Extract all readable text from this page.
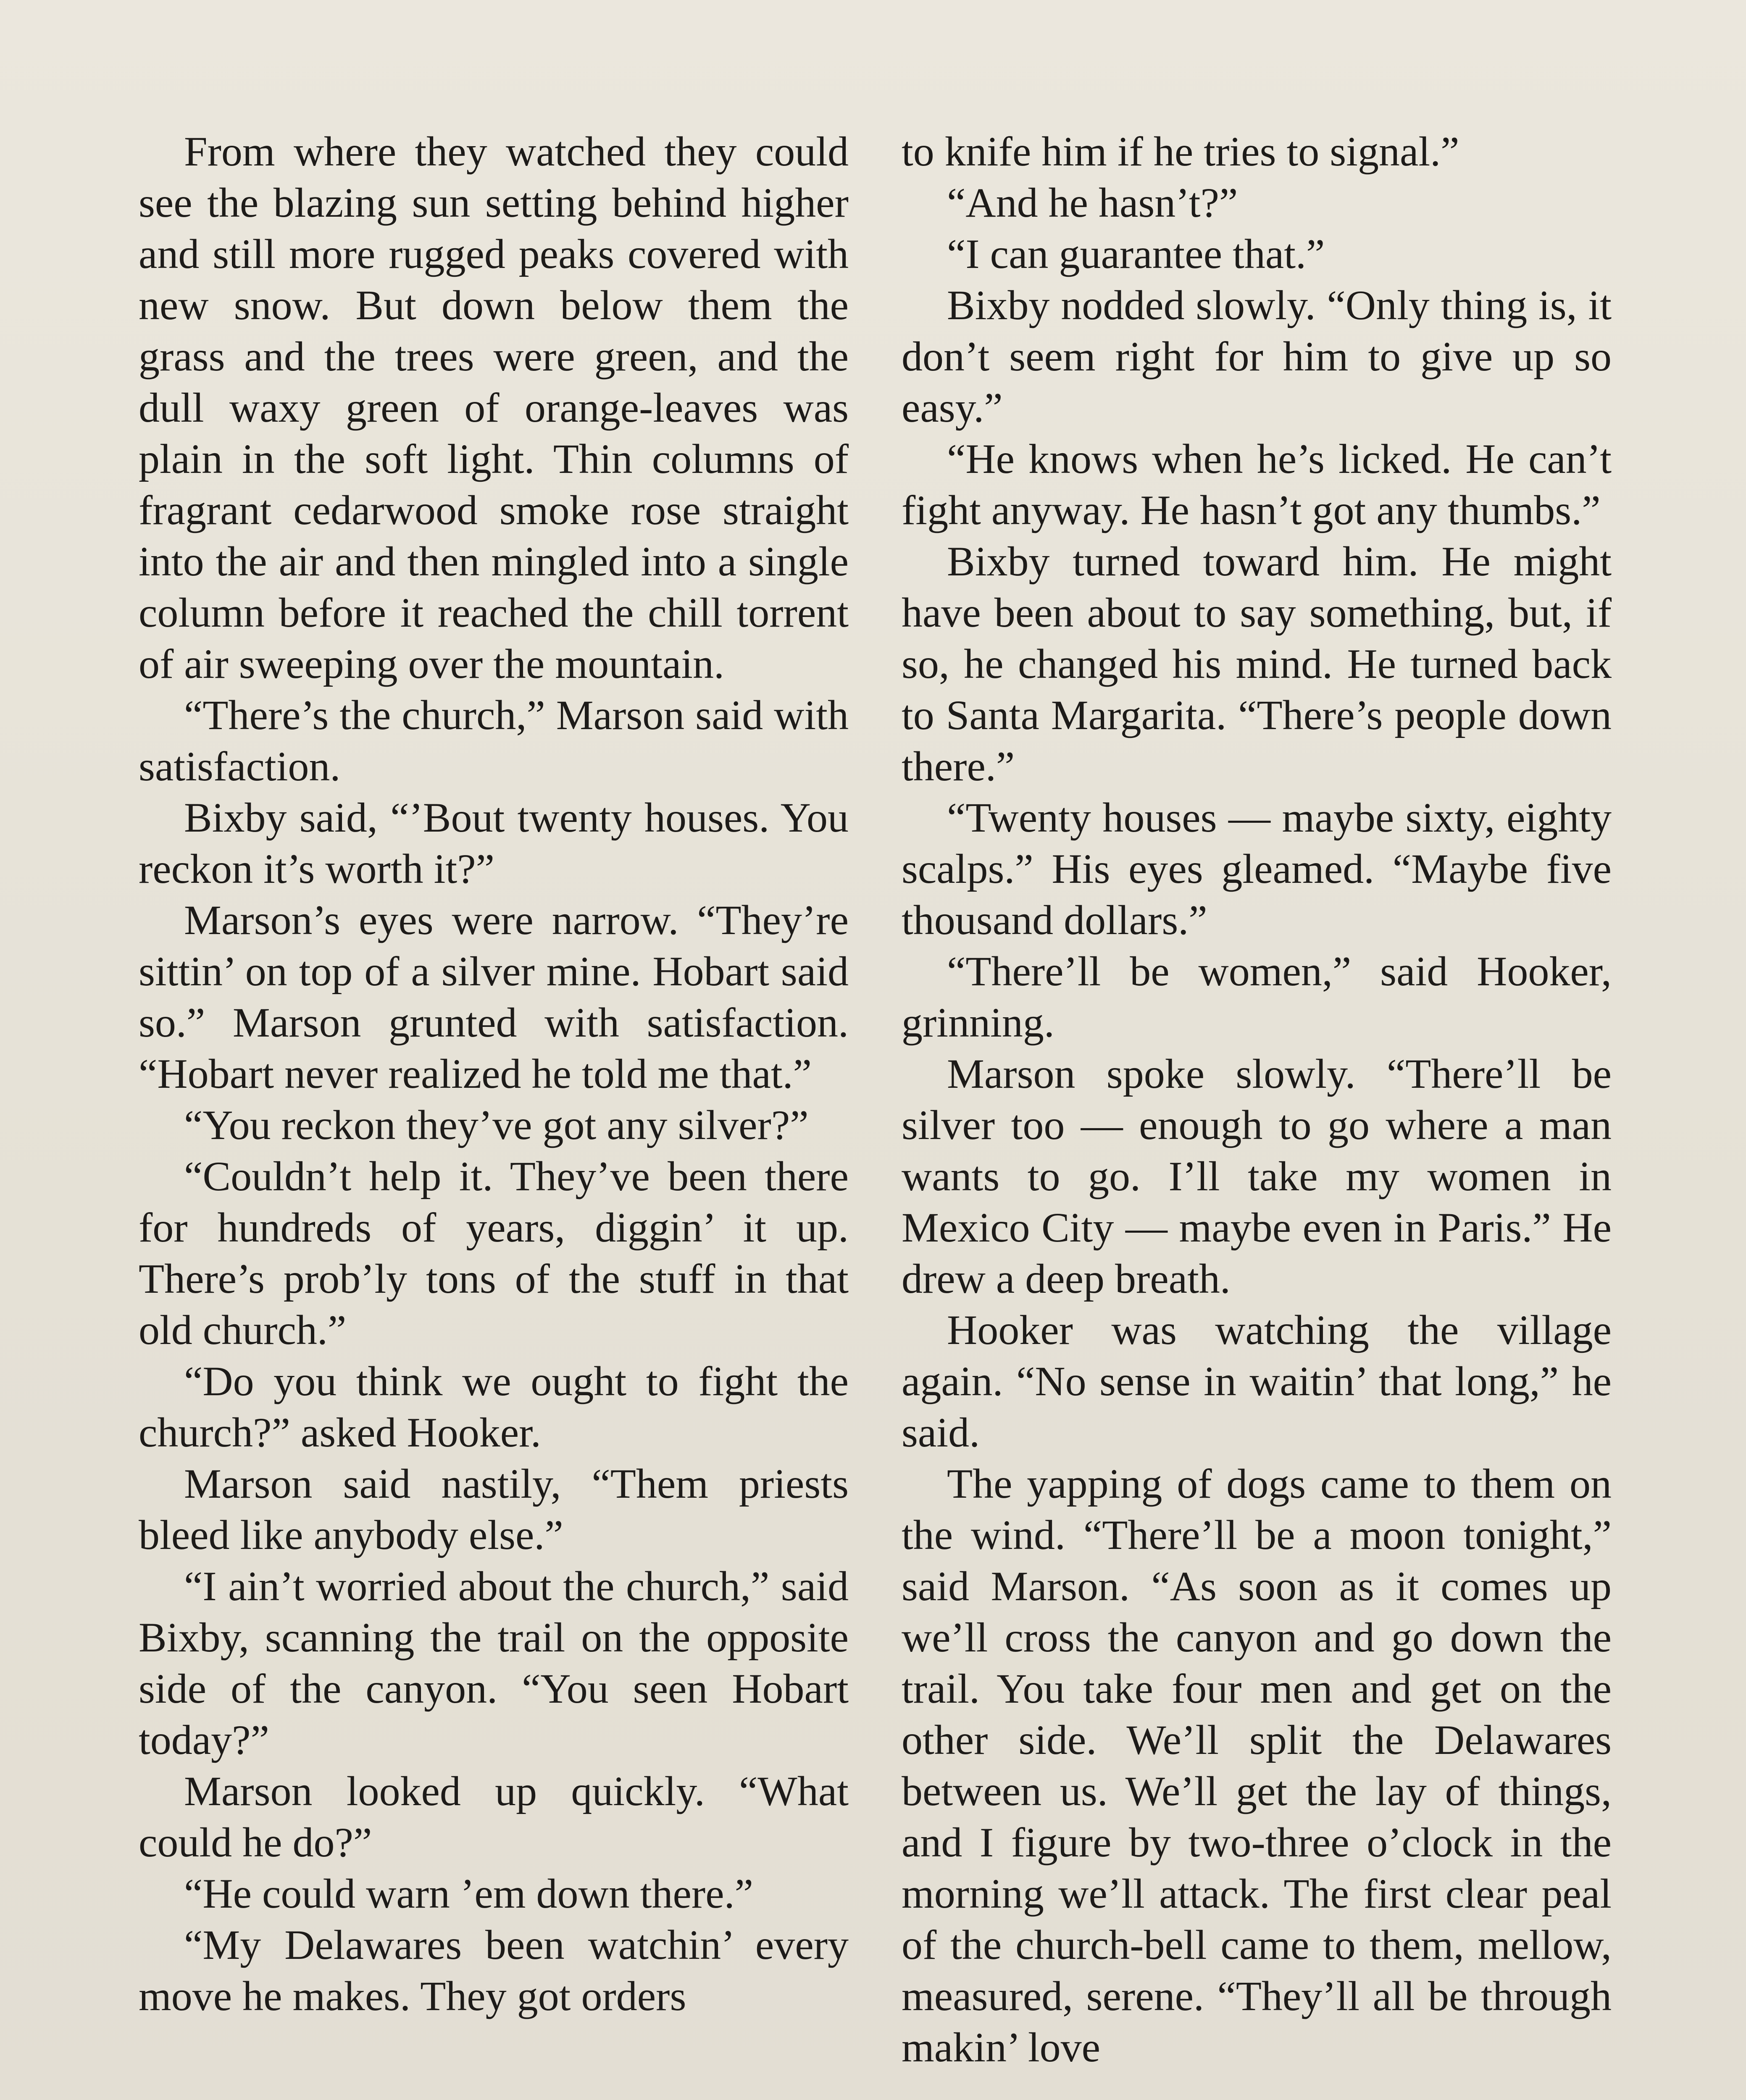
From where they watched they could see the blazing sun setting behind higher and still more rugged peaks covered with new snow. But down below them the grass and the trees were green, and the dull waxy green of orange-leaves was plain in the soft light. Thin columns of fragrant cedarwood smoke rose straight into the air and then mingled into a single column before it reached the chill torrent of air sweeping over the mountain.

“There’s the church,” Marson said with satisfaction.

Bixby said, “’Bout twenty houses. You reckon it’s worth it?”

Marson’s eyes were narrow. “They’re sittin’ on top of a silver mine. Hobart said so.” Marson grunted with satisfaction. “Hobart never realized he told me that.”

“You reckon they’ve got any silver?”

“Couldn’t help it. They’ve been there for hundreds of years, diggin’ it up. There’s prob’ly tons of the stuff in that old church.”

“Do you think we ought to fight the church?” asked Hooker.

Marson said nastily, “Them priests bleed like anybody else.”

“I ain’t worried about the church,” said Bixby, scanning the trail on the opposite side of the canyon. “You seen Hobart today?”

Marson looked up quickly. “What could he do?”

“He could warn ’em down there.”

“My Delawares been watchin’ every move he makes. They got orders

to knife him if he tries to signal.”

“And he hasn’t?”

“I can guarantee that.”

Bixby nodded slowly. “Only thing is, it don’t seem right for him to give up so easy.”

“He knows when he’s licked. He can’t fight anyway. He hasn’t got any thumbs.”

Bixby turned toward him. He might have been about to say something, but, if so, he changed his mind. He turned back to Santa Margarita. “There’s people down there.”

“Twenty houses — maybe sixty, eighty scalps.” His eyes gleamed. “Maybe five thousand dollars.”

“There’ll be women,” said Hooker, grinning.

Marson spoke slowly. “There’ll be silver too — enough to go where a man wants to go. I’ll take my women in Mexico City — maybe even in Paris.” He drew a deep breath.

Hooker was watching the village again. “No sense in waitin’ that long,” he said.

The yapping of dogs came to them on the wind. “There’ll be a moon tonight,” said Marson. “As soon as it comes up we’ll cross the canyon and go down the trail. You take four men and get on the other side. We’ll split the Delawares between us. We’ll get the lay of things, and I figure by two-three o’clock in the morning we’ll attack. The first clear peal of the church-bell came to them, mellow, measured, serene. “They’ll all be through makin’ love
